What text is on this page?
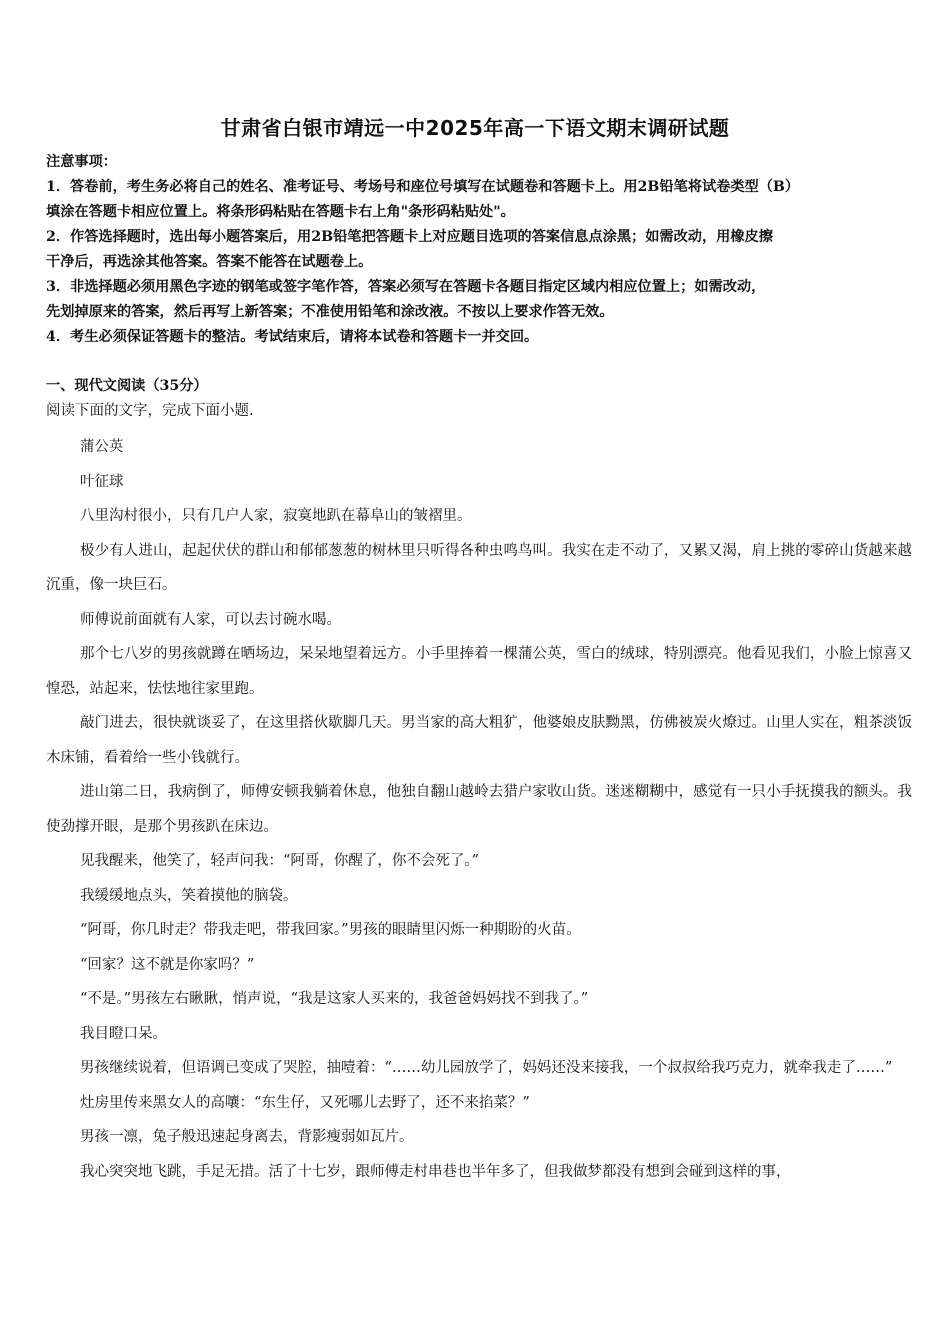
甘肃省白银市靖远一中2025年高一下语文期末调研试题
注意事项：
1．答卷前，考生务必将自己的姓名、准考证号、考场号和座位号填写在试题卷和答题卡上。用2B铅笔将试卷类型（B）
填涂在答题卡相应位置上。将条形码粘贴在答题卡右上角"条形码粘贴处"。
2．作答选择题时，选出每小题答案后，用2B铅笔把答题卡上对应题目选项的答案信息点涂黑；如需改动，用橡皮擦
干净后，再选涂其他答案。答案不能答在试题卷上。
3．非选择题必须用黑色字迹的钢笔或签字笔作答，答案必须写在答题卡各题目指定区域内相应位置上；如需改动，
先划掉原来的答案，然后再写上新答案；不准使用铅笔和涂改液。不按以上要求作答无效。
4．考生必须保证答题卡的整洁。考试结束后，请将本试卷和答题卡一并交回。
一、现代文阅读（35分）
阅读下面的文字，完成下面小题.
蒲公英
叶征球
八里沟村很小，只有几户人家，寂寞地趴在幕阜山的皱褶里。
极少有人进山，起起伏伏的群山和郁郁葱葱的树林里只听得各种虫鸣鸟叫。我实在走不动了，又累又渴，肩上挑的零碎山货越来越沉重，像一块巨石。
师傅说前面就有人家，可以去讨碗水喝。
那个七八岁的男孩就蹲在晒场边，呆呆地望着远方。小手里捧着一棵蒲公英，雪白的绒球，特别漂亮。他看见我们，小脸上惊喜又惶恐，站起来，怯怯地往家里跑。
敲门进去，很快就谈妥了，在这里搭伙歇脚几天。男当家的高大粗犷，他婆娘皮肤黝黑，仿佛被炭火燎过。山里人实在，粗茶淡饭木床铺，看着给一些小钱就行。
进山第二日，我病倒了，师傅安顿我躺着休息，他独自翻山越岭去猎户家收山货。迷迷糊糊中，感觉有一只小手抚摸我的额头。我使劲撑开眼，是那个男孩趴在床边。
见我醒来，他笑了，轻声问我：“阿哥，你醒了，你不会死了。”
我缓缓地点头，笑着摸他的脑袋。
“阿哥，你几时走？带我走吧，带我回家。”男孩的眼睛里闪烁一种期盼的火苗。
“回家？这不就是你家吗？”
“不是。”男孩左右瞅瞅，悄声说，“我是这家人买来的，我爸爸妈妈找不到我了。”
我目瞪口呆。
男孩继续说着，但语调已变成了哭腔，抽噎着：“……幼儿园放学了，妈妈还没来接我，一个叔叔给我巧克力，就牵我走了……”
灶房里传来黑女人的高嚷：“东生仔，又死哪儿去野了，还不来掐菜？”
男孩一凛，兔子般迅速起身离去，背影瘦弱如瓦片。
我心突突地飞跳，手足无措。活了十七岁，跟师傅走村串巷也半年多了，但我做梦都没有想到会碰到这样的事，
